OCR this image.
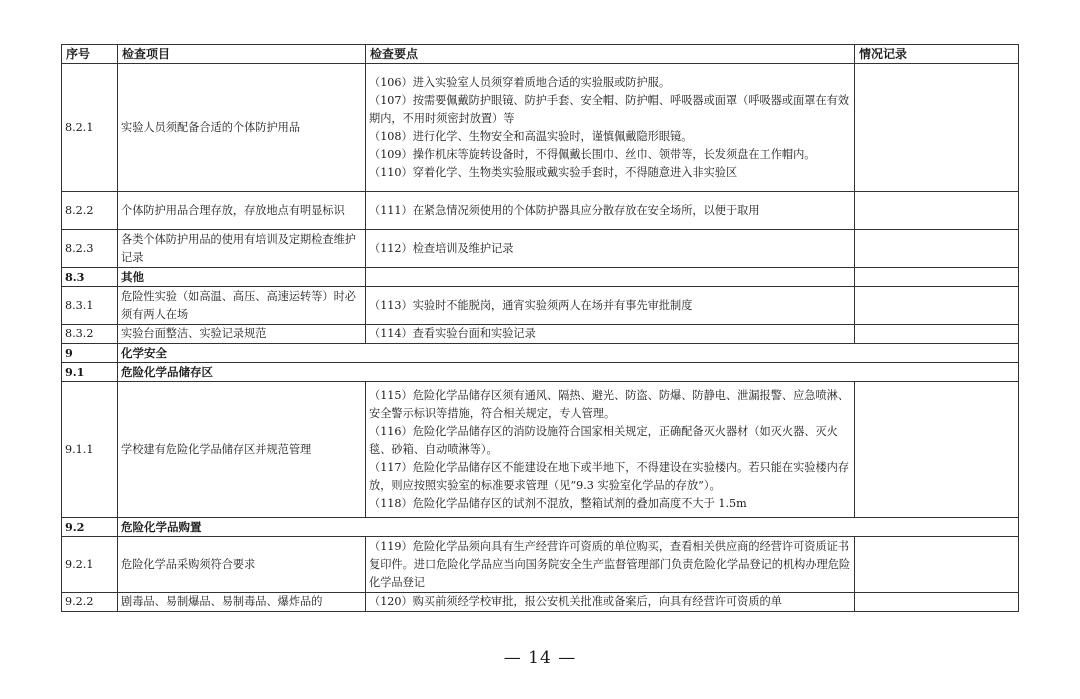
序号	检查项目	检查要点	情况记录
8.2.1	实验人员须配备合适的个体防护用品	（106）进入实验室人员须穿着质地合适的实验服或防护服。
（107）按需要佩戴防护眼镜、防护手套、安全帽、防护帽、呼吸器或面罩（呼吸器或面罩在有效期内，不用时须密封放置）等
（108）进行化学、生物安全和高温实验时，谨慎佩戴隐形眼镜。
（109）操作机床等旋转设备时，不得佩戴长围巾、丝巾、领带等，长发须盘在工作帽内。
（110）穿着化学、生物类实验服或戴实验手套时，不得随意进入非实验区	

8.2.2	个体防护用品合理存放，存放地点有明显标识	（111）在紧急情况须使用的个体防护器具应分散存放在安全场所，以便于取用	
8.2.3	各类个体防护用品的使用有培训及定期检查维护记录	（112）检查培训及维护记录	
8.3	其他		
8.3.1	危险性实验（如高温、高压、高速运转等）时必须有两人在场	（113）实验时不能脱岗，通宵实验须两人在场并有事先审批制度	
8.3.2	实验台面整洁、实验记录规范	（114）查看实验台面和实验记录	
9	化学安全		
9.1	危险化学品储存区		
9.1.1	学校建有危险化学品储存区并规范管理	（115）危险化学品储存区须有通风、隔热、避光、防盗、防爆、防静电、泄漏报警、应急喷淋、安全警示标识等措施，符合相关规定，专人管理。
（116）危险化学品储存区的消防设施符合国家相关规定，正确配备灭火器材（如灭火器、灭火毯、砂箱、自动喷淋等）。
（117）危险化学品储存区不能建设在地下或半地下，不得建设在实验楼内。若只能在实验楼内存放，则应按照实验室的标准要求管理（见“9.3 实验室化学品的存放”）。
（118）危险化学品储存区的试剂不混放，整箱试剂的叠加高度不大于 1.5m	

9.2	危险化学品购置		
9.2.1	危险化学品采购须符合要求	（119）危险化学品须向具有生产经营许可资质的单位购买，查看相关供应商的经营许可资质证书复印件。进口危险化学品应当向国务院安全生产监督管理部门负责危险化学品登记的机构办理危险化学品登记	
9.2.2	剧毒品、易制爆品、易制毒品、爆炸品的	（120）购买前须经学校审批，报公安机关批准或备案后，向具有经营许可资质的单	
— 14 —
